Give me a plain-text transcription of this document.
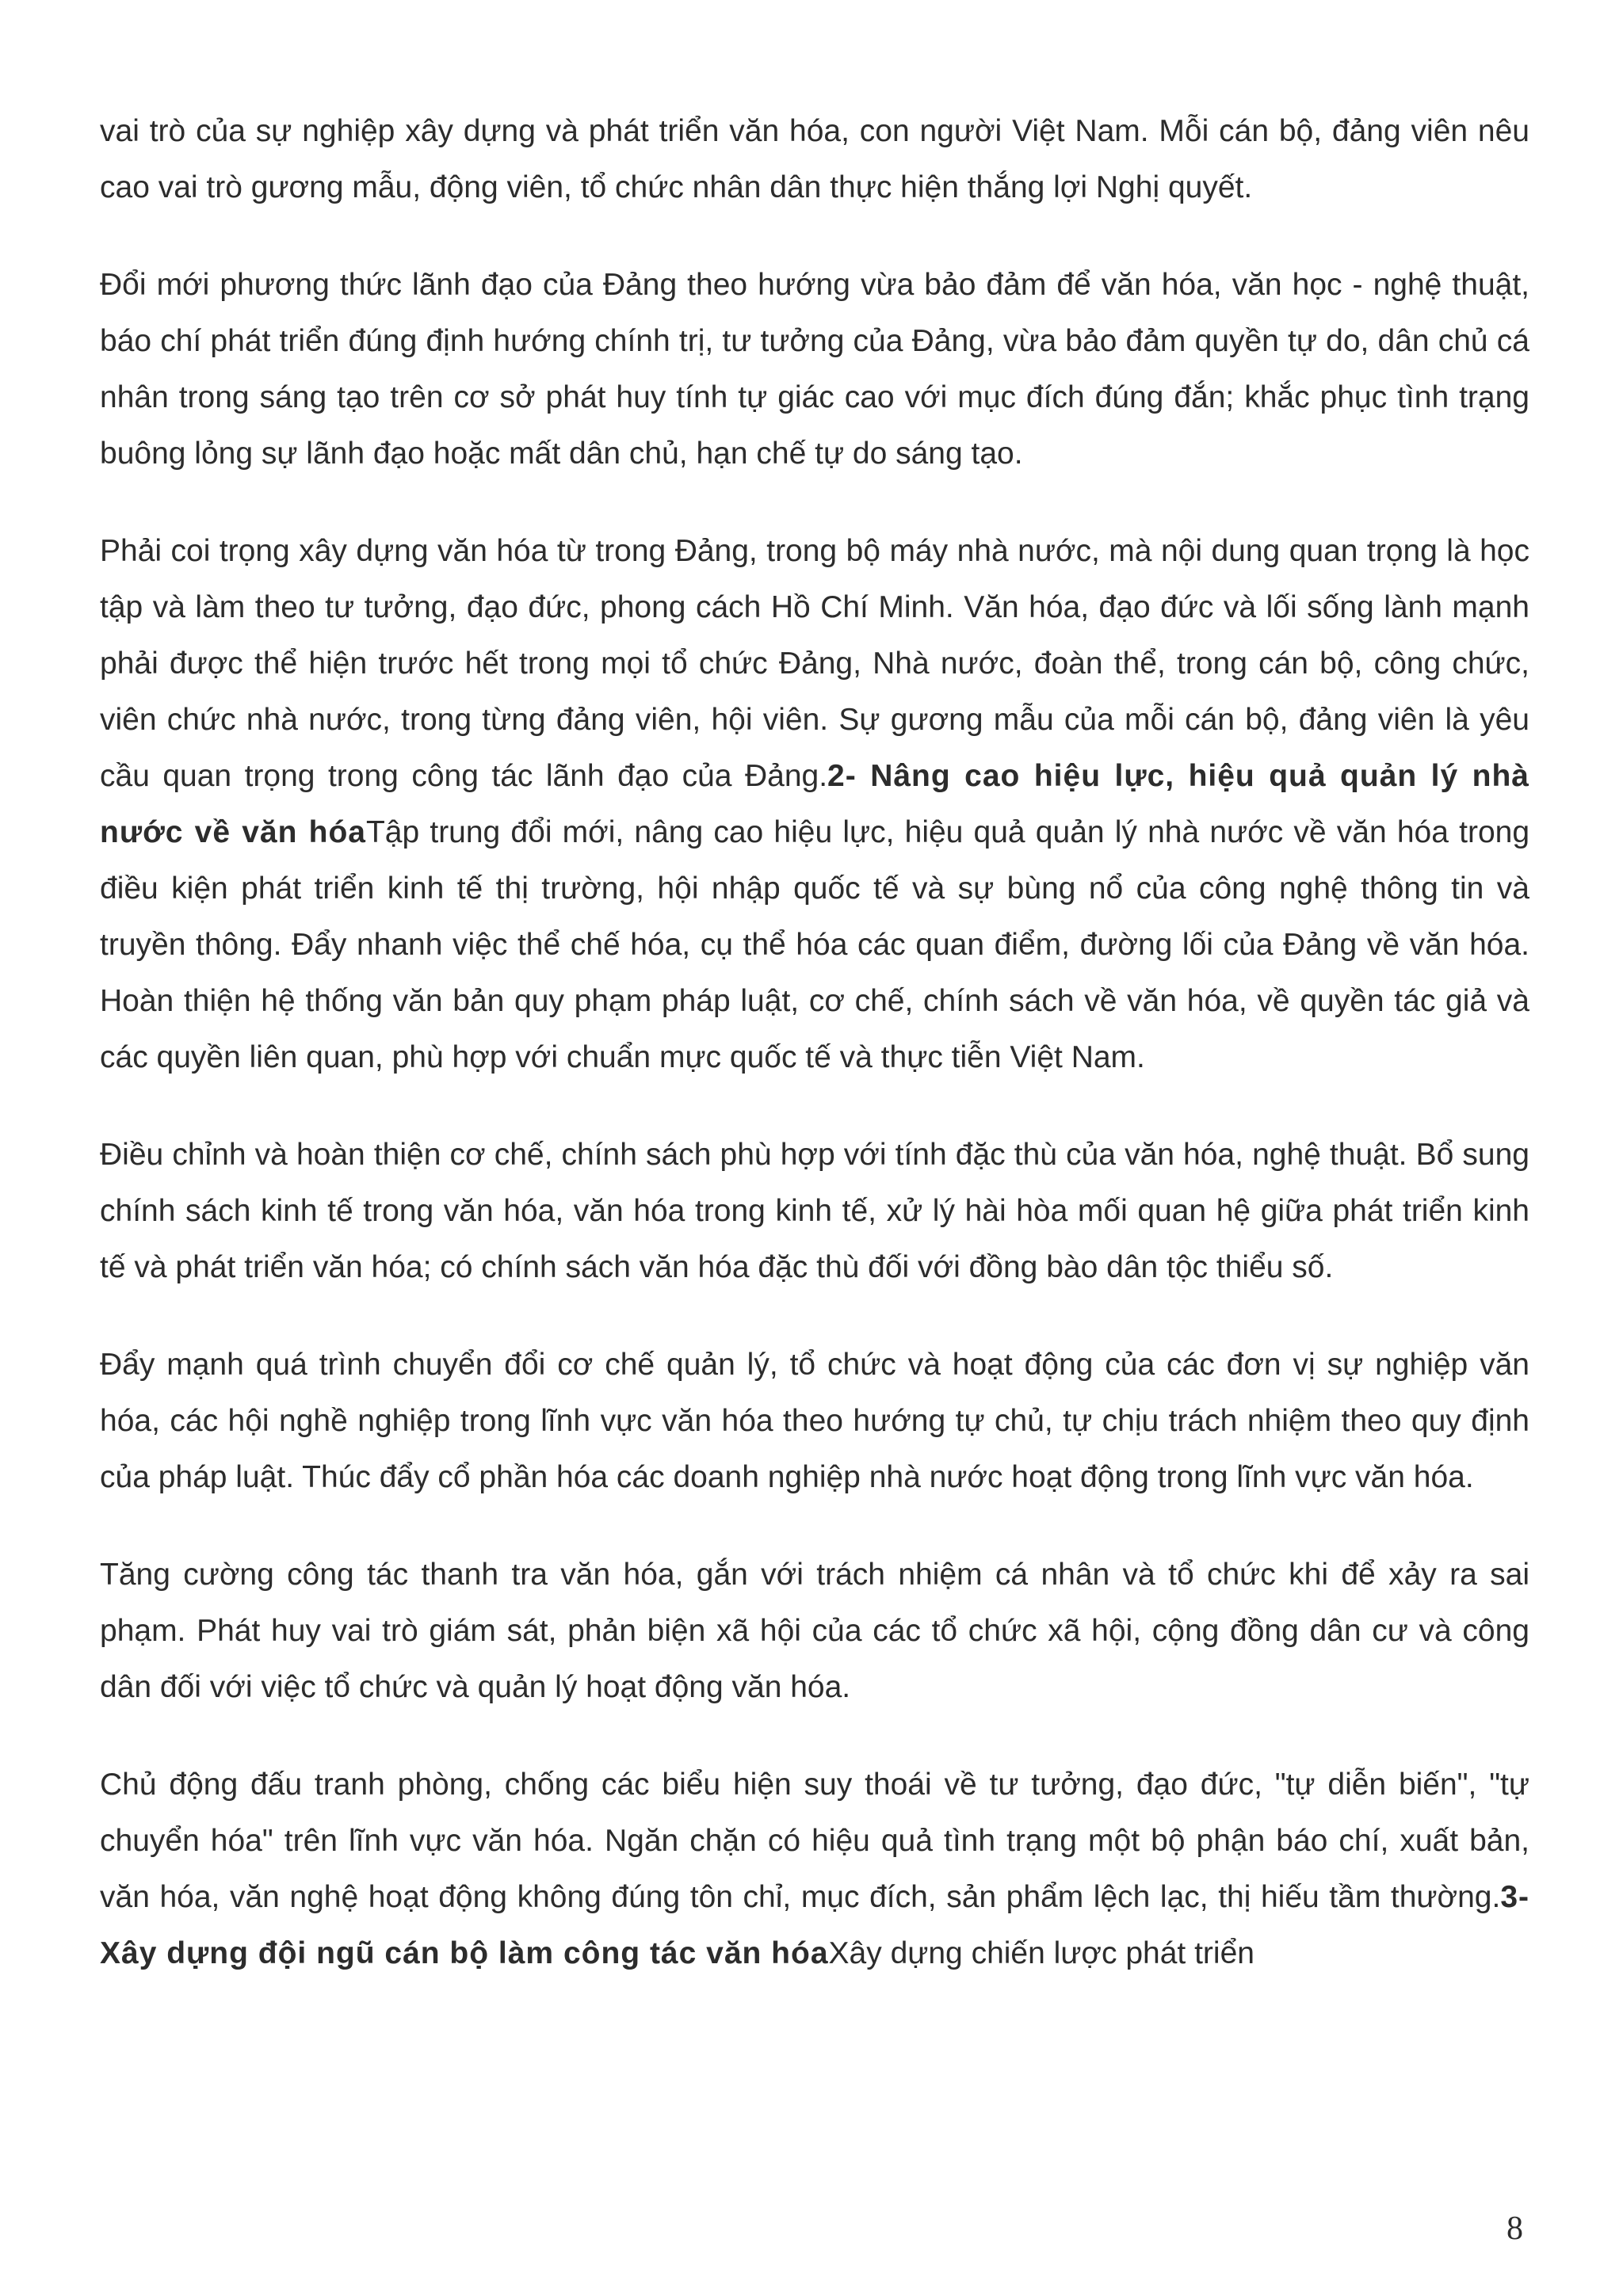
vai trò của sự nghiệp xây dựng và phát triển văn hóa, con người Việt Nam. Mỗi cán bộ, đảng viên nêu cao vai trò gương mẫu, động viên, tổ chức nhân dân thực hiện thắng lợi Nghị quyết.

Đổi mới phương thức lãnh đạo của Đảng theo hướng vừa bảo đảm để văn hóa, văn học - nghệ thuật, báo chí phát triển đúng định hướng chính trị, tư tưởng của Đảng, vừa bảo đảm quyền tự do, dân chủ cá nhân trong sáng tạo trên cơ sở phát huy tính tự giác cao với mục đích đúng đắn; khắc phục tình trạng buông lỏng sự lãnh đạo hoặc mất dân chủ, hạn chế tự do sáng tạo.

Phải coi trọng xây dựng văn hóa từ trong Đảng, trong bộ máy nhà nước, mà nội dung quan trọng là học tập và làm theo tư tưởng, đạo đức, phong cách Hồ Chí Minh. Văn hóa, đạo đức và lối sống lành mạnh phải được thể hiện trước hết trong mọi tổ chức Đảng, Nhà nước, đoàn thể, trong cán bộ, công chức, viên chức nhà nước, trong từng đảng viên, hội viên. Sự gương mẫu của mỗi cán bộ, đảng viên là yêu cầu quan trọng trong công tác lãnh đạo của Đảng.2- Nâng cao hiệu lực, hiệu quả quản lý nhà nước về văn hóaTập trung đổi mới, nâng cao hiệu lực, hiệu quả quản lý nhà nước về văn hóa trong điều kiện phát triển kinh tế thị trường, hội nhập quốc tế và sự bùng nổ của công nghệ thông tin và truyền thông. Đẩy nhanh việc thể chế hóa, cụ thể hóa các quan điểm, đường lối của Đảng về văn hóa. Hoàn thiện hệ thống văn bản quy phạm pháp luật, cơ chế, chính sách về văn hóa, về quyền tác giả và các quyền liên quan, phù hợp với chuẩn mực quốc tế và thực tiễn Việt Nam.

Điều chỉnh và hoàn thiện cơ chế, chính sách phù hợp với tính đặc thù của văn hóa, nghệ thuật. Bổ sung chính sách kinh tế trong văn hóa, văn hóa trong kinh tế, xử lý hài hòa mối quan hệ giữa phát triển kinh tế và phát triển văn hóa; có chính sách văn hóa đặc thù đối với đồng bào dân tộc thiểu số.

Đẩy mạnh quá trình chuyển đổi cơ chế quản lý, tổ chức và hoạt động của các đơn vị sự nghiệp văn hóa, các hội nghề nghiệp trong lĩnh vực văn hóa theo hướng tự chủ, tự chịu trách nhiệm theo quy định của pháp luật. Thúc đẩy cổ phần hóa các doanh nghiệp nhà nước hoạt động trong lĩnh vực văn hóa.

Tăng cường công tác thanh tra văn hóa, gắn với trách nhiệm cá nhân và tổ chức khi để xảy ra sai phạm. Phát huy vai trò giám sát, phản biện xã hội của các tổ chức xã hội, cộng đồng dân cư và công dân đối với việc tổ chức và quản lý hoạt động văn hóa.

Chủ động đấu tranh phòng, chống các biểu hiện suy thoái về tư tưởng, đạo đức, "tự diễn biến", "tự chuyển hóa" trên lĩnh vực văn hóa. Ngăn chặn có hiệu quả tình trạng một bộ phận báo chí, xuất bản, văn hóa, văn nghệ hoạt động không đúng tôn chỉ, mục đích, sản phẩm lệch lạc, thị hiếu tầm thường.3- Xây dựng đội ngũ cán bộ làm công tác văn hóaXây dựng chiến lược phát triển

8
